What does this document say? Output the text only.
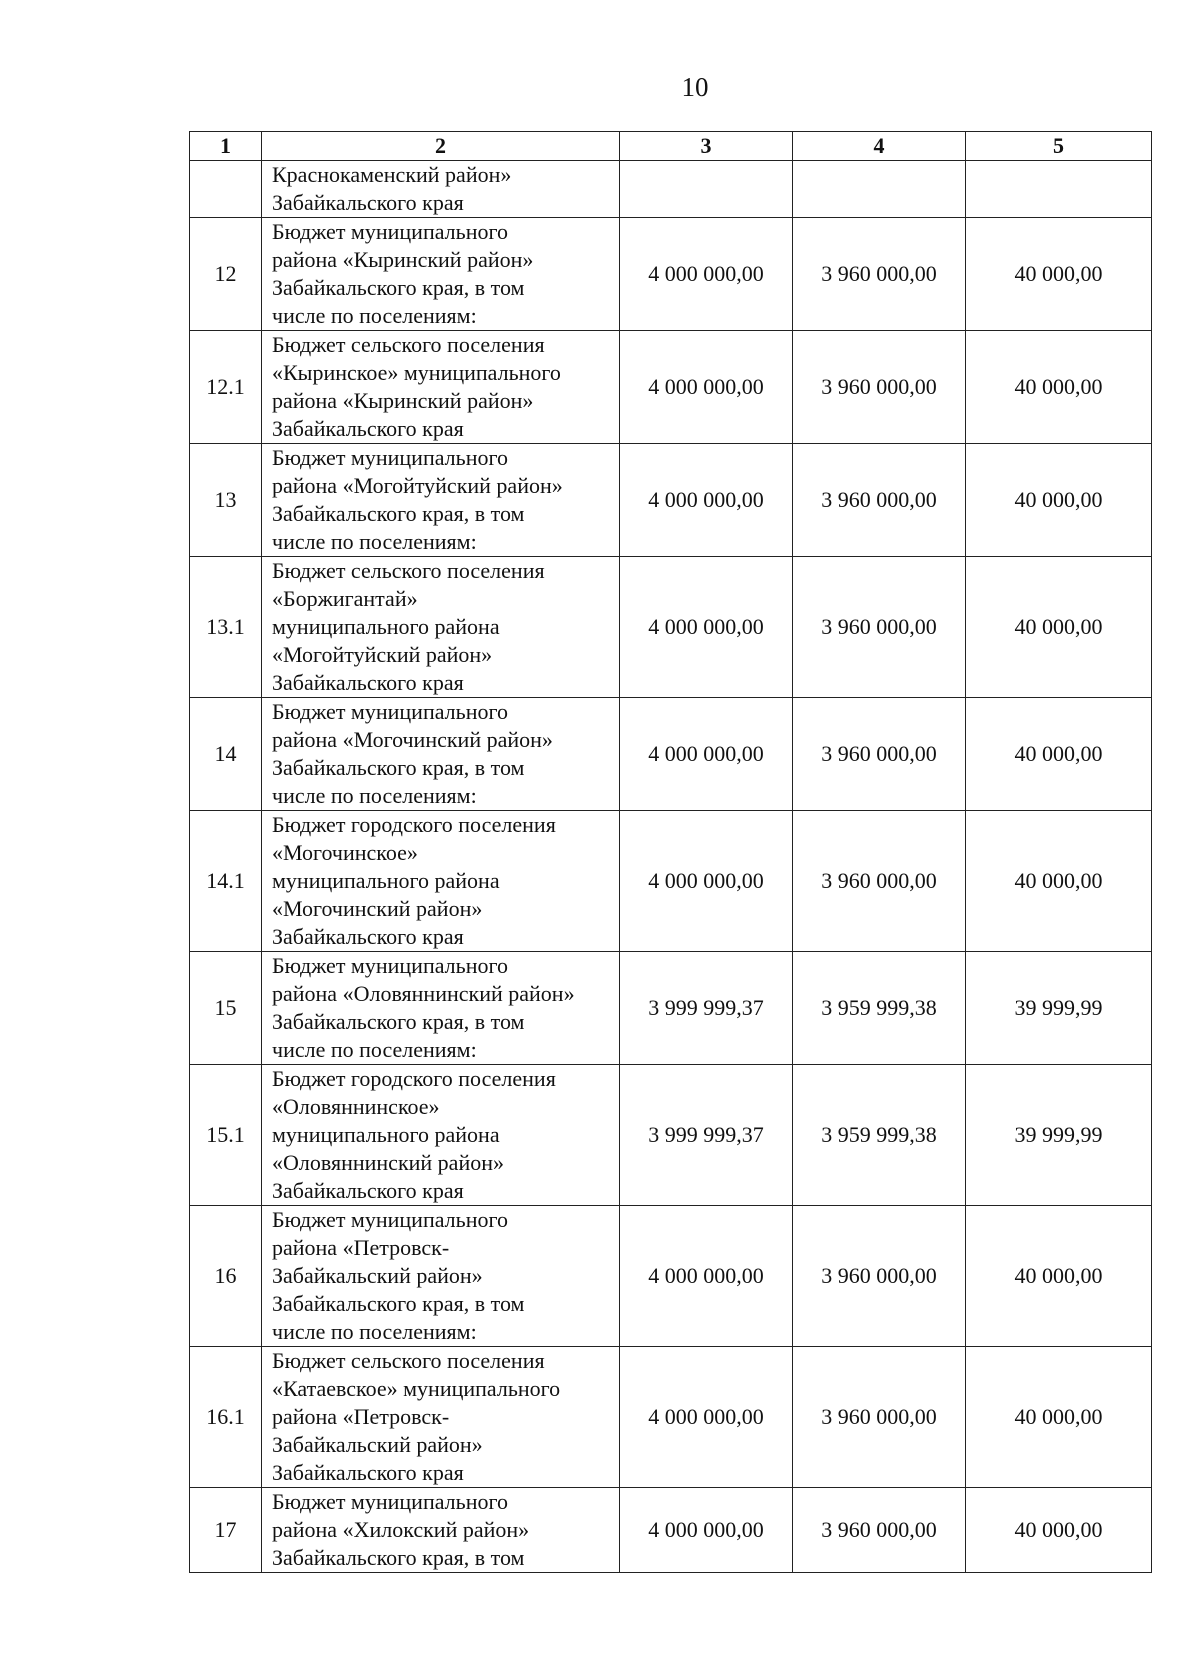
10
1	2	3	4	5
	Краснокаменский район»
Забайкальского края			
12	Бюджет муниципального
района «Кыринский район»
Забайкальского края, в том
числе по поселениям:	4 000 000,00	3 960 000,00	40 000,00
12.1	Бюджет сельского поселения
«Кыринское» муниципального
района «Кыринский район»
Забайкальского края	4 000 000,00	3 960 000,00	40 000,00
13	Бюджет муниципального
района «Могойтуйский район»
Забайкальского края, в том
числе по поселениям:	4 000 000,00	3 960 000,00	40 000,00
13.1	Бюджет сельского поселения
«Боржигантай»
муниципального района
«Могойтуйский район»
Забайкальского края	4 000 000,00	3 960 000,00	40 000,00
14	Бюджет муниципального
района «Могочинский район»
Забайкальского края, в том
числе по поселениям:	4 000 000,00	3 960 000,00	40 000,00
14.1	Бюджет городского поселения
«Могочинское»
муниципального района
«Могочинский район»
Забайкальского края	4 000 000,00	3 960 000,00	40 000,00
15	Бюджет муниципального
района «Оловяннинский район»
Забайкальского края, в том
числе по поселениям:	3 999 999,37	3 959 999,38	39 999,99
15.1	Бюджет городского поселения
«Оловяннинское»
муниципального района
«Оловяннинский район»
Забайкальского края	3 999 999,37	3 959 999,38	39 999,99
16	Бюджет муниципального
района «Петровск-
Забайкальский район»
Забайкальского края, в том
числе по поселениям:	4 000 000,00	3 960 000,00	40 000,00
16.1	Бюджет сельского поселения
«Катаевское» муниципального
района «Петровск-
Забайкальский район»
Забайкальского края	4 000 000,00	3 960 000,00	40 000,00
17	Бюджет муниципального
района «Хилокский район»
Забайкальского края, в том	4 000 000,00	3 960 000,00	40 000,00
